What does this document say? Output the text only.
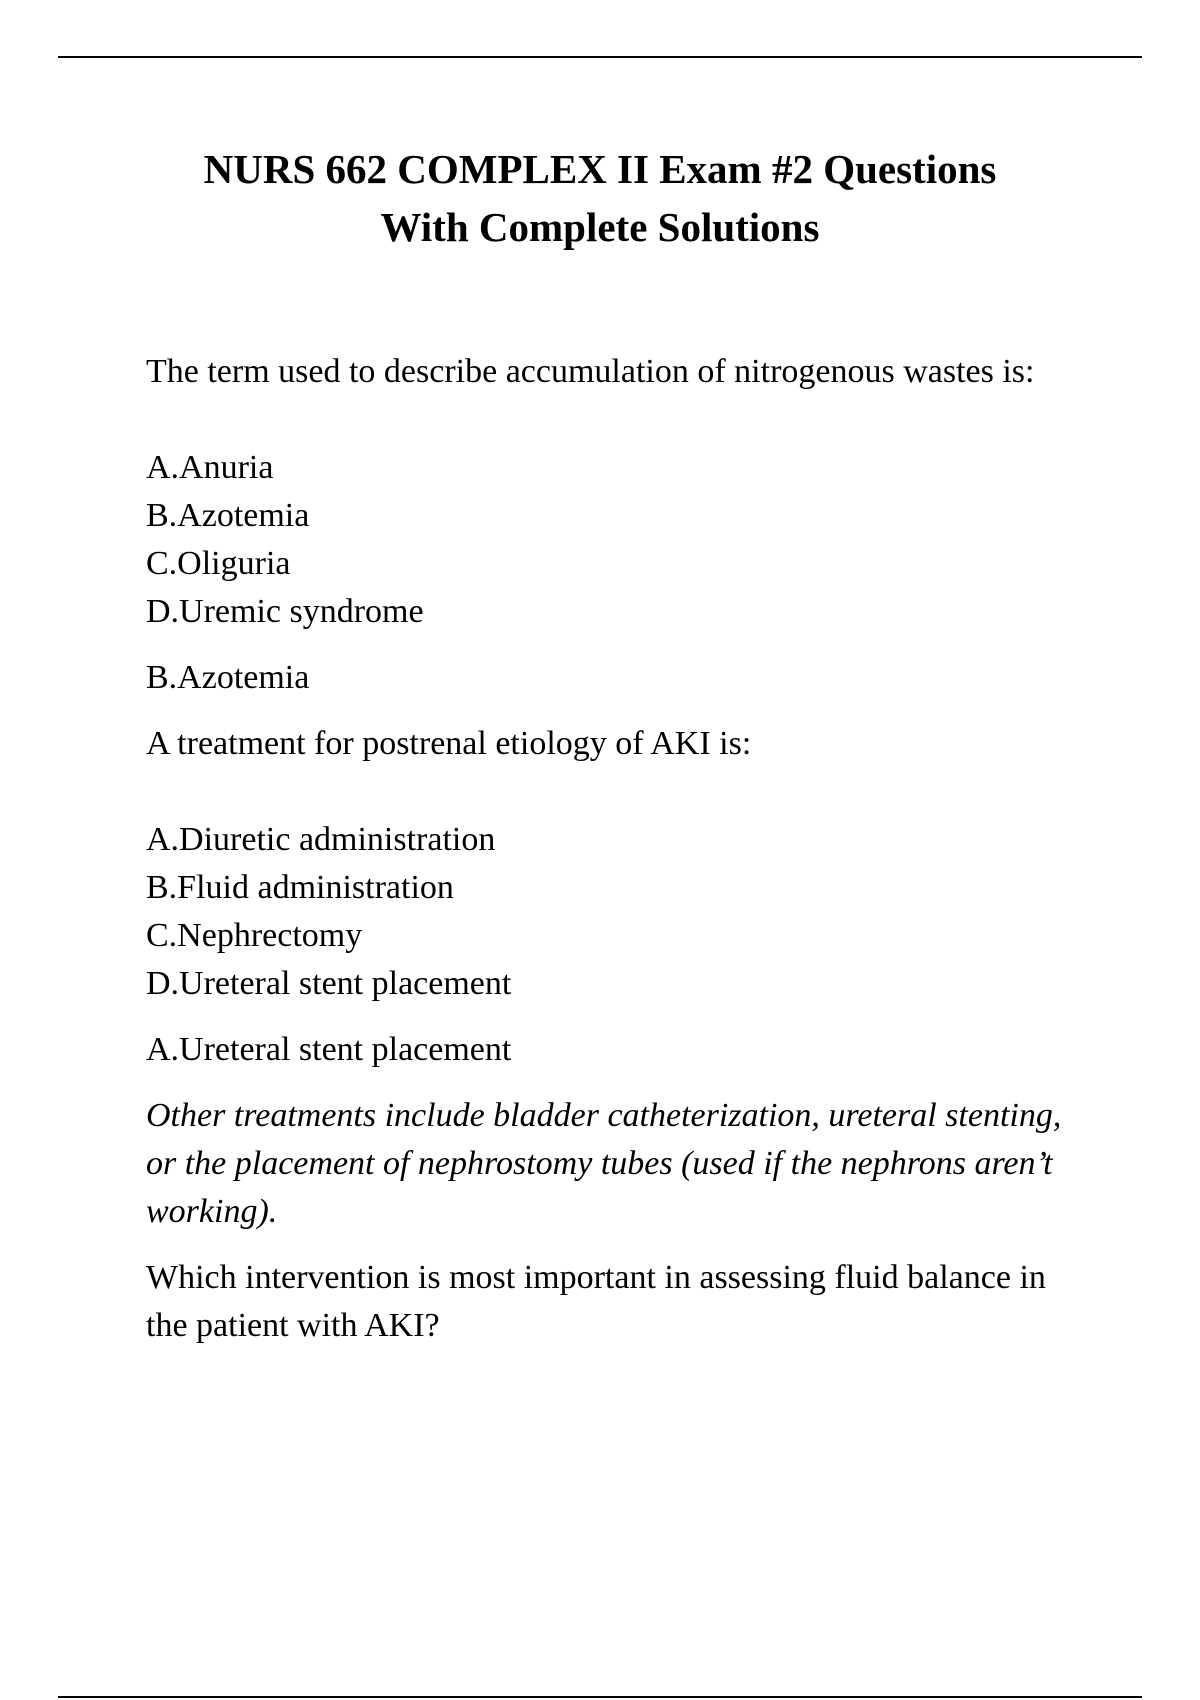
NURS 662 COMPLEX II Exam #2 Questions
With Complete Solutions

The term used to describe accumulation of nitrogenous wastes is:

A.Anuria
B.Azotemia
C.Oliguria
D.Uremic syndrome

B.Azotemia

A treatment for postrenal etiology of AKI is:

A.Diuretic administration
B.Fluid administration
C.Nephrectomy
D.Ureteral stent placement

A.Ureteral stent placement

Other treatments include bladder catheterization, ureteral stenting, or the placement of nephrostomy tubes (used if the nephrons aren’t working).

Which intervention is most important in assessing fluid balance in the patient with AKI?
